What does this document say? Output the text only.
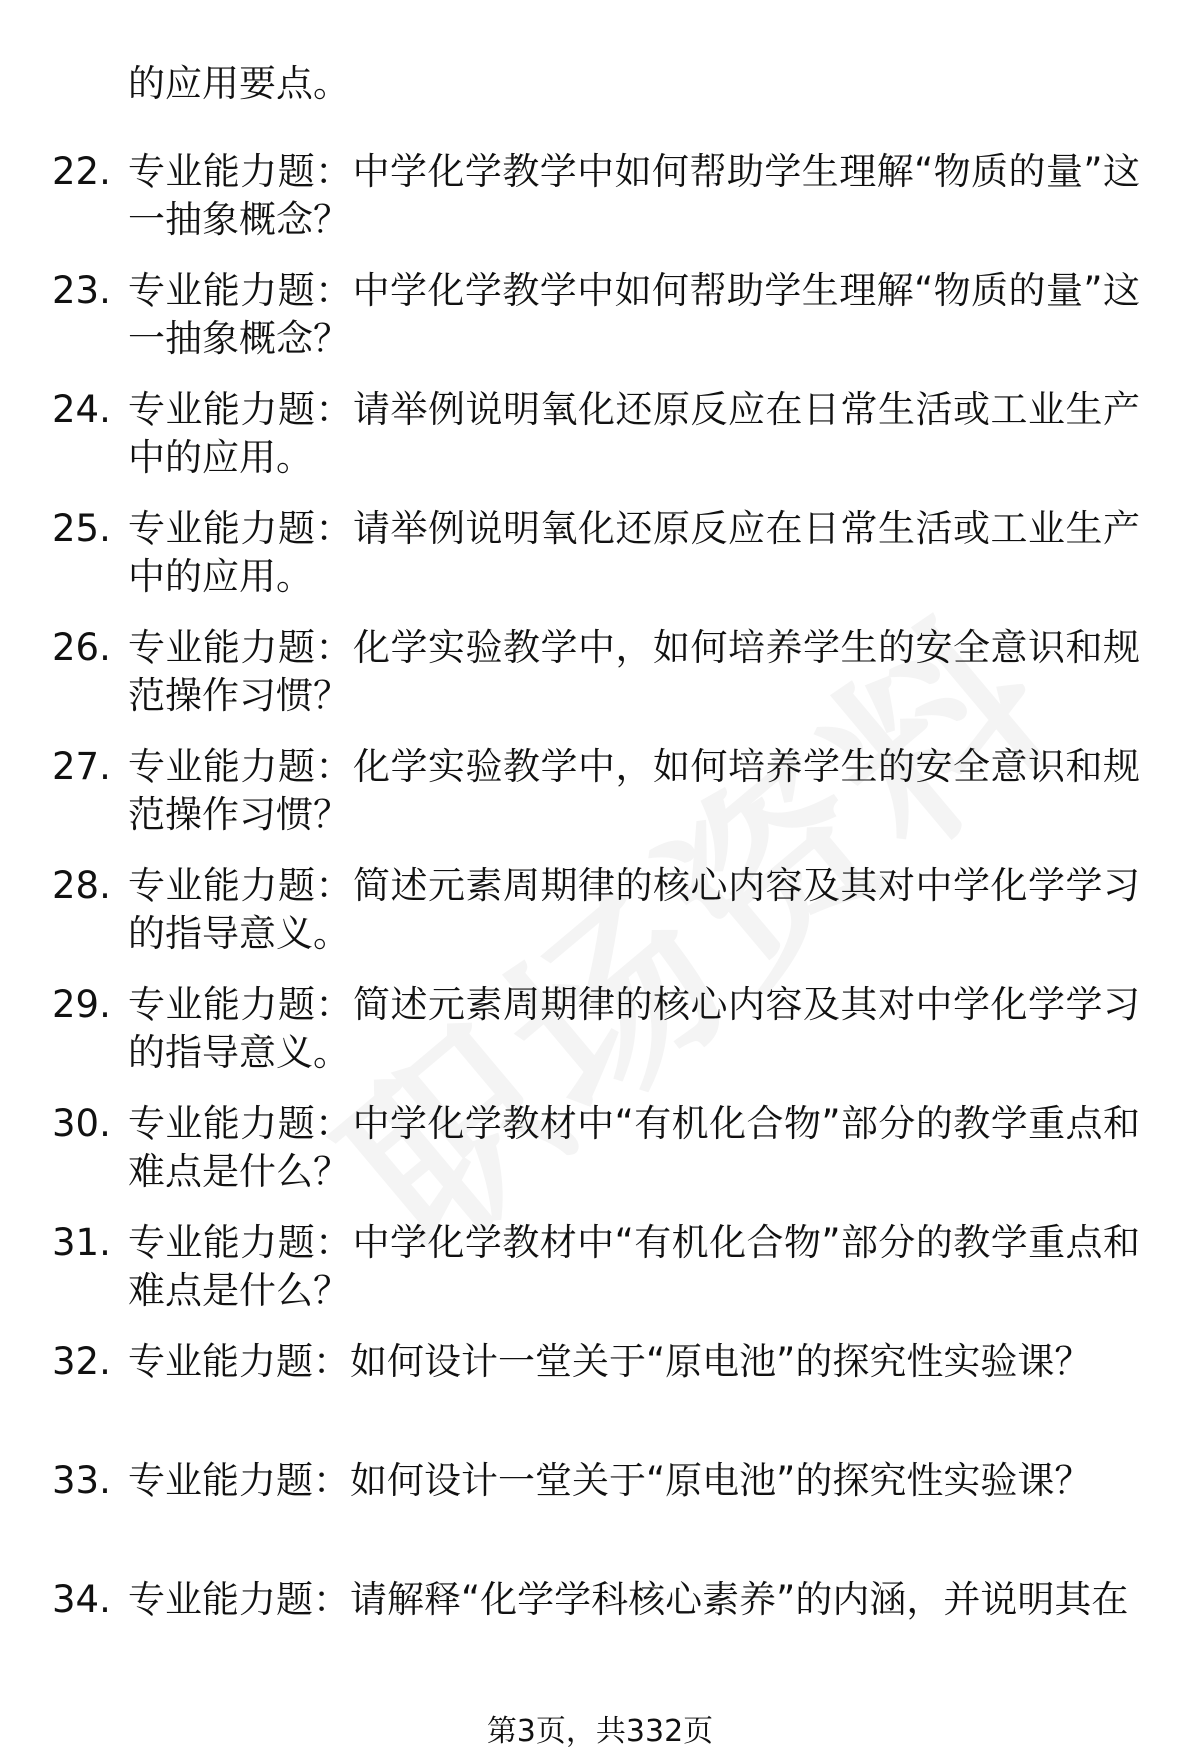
的应用要点。
22. 专业能力题：中学化学教学中如何帮助学生理解“物质的量”这一抽象概念？
23. 专业能力题：中学化学教学中如何帮助学生理解“物质的量”这一抽象概念？
24. 专业能力题：请举例说明氧化还原反应在日常生活或工业生产中的应用。
25. 专业能力题：请举例说明氧化还原反应在日常生活或工业生产中的应用。
26. 专业能力题：化学实验教学中，如何培养学生的安全意识和规范操作习惯？
27. 专业能力题：化学实验教学中，如何培养学生的安全意识和规范操作习惯？
28. 专业能力题：简述元素周期律的核心内容及其对中学化学学习的指导意义。
29. 专业能力题：简述元素周期律的核心内容及其对中学化学学习的指导意义。
30. 专业能力题：中学化学教材中“有机化合物”部分的教学重点和难点是什么？
31. 专业能力题：中学化学教材中“有机化合物”部分的教学重点和难点是什么？
32. 专业能力题：如何设计一堂关于“原电池”的探究性实验课？
33. 专业能力题：如何设计一堂关于“原电池”的探究性实验课？
34. 专业能力题：请解释“化学学科核心素养”的内涵，并说明其在
第3页，共332页
